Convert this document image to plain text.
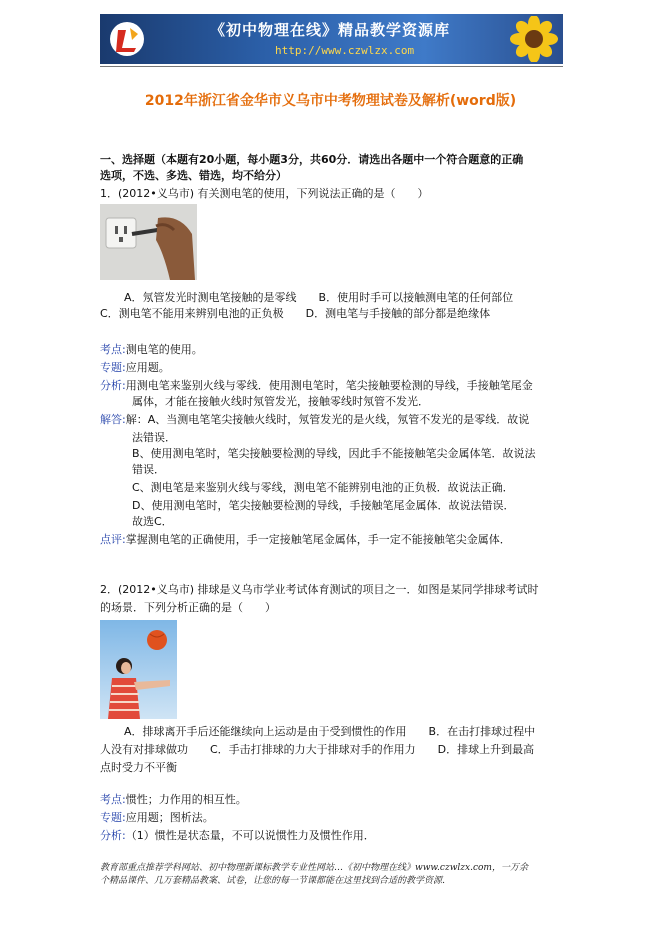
《初中物理在线》精品教学资源库
http://www.czwlzx.com
2012年浙江省金华市义乌市中考物理试卷及解析(word版)
一、选择题（本题有20小题，每小题3分，共60分．请选出各题中一个符合题意的正确
选项，不选、多选、错选，均不给分）
1．(2012•义乌市) 有关测电笔的使用，下列说法正确的是（　　）
A．氖管发光时测电笔接触的是零线　　B．使用时手可以接触测电笔的任何部位
C．测电笔不能用来辨别电池的正负极　　D．测电笔与手接触的部分都是绝缘体
考点:测电笔的使用。
专题:应用题。
分析:用测电笔来鉴别火线与零线．使用测电笔时，笔尖接触要检测的导线，手接触笔尾金
属体，才能在接触火线时氖管发光，接触零线时氖管不发光．
解答:解：A、当测电笔笔尖接触火线时，氖管发光的是火线，氖管不发光的是零线．故说
法错误．
B、使用测电笔时，笔尖接触要检测的导线，因此手不能接触笔尖金属体笔．故说法
错误．
C、测电笔是来鉴别火线与零线，测电笔不能辨别电池的正负极．故说法正确．
D、使用测电笔时，笔尖接触要检测的导线，手接触笔尾金属体．故说法错误．
故选C．
点评:掌握测电笔的正确使用，手一定接触笔尾金属体，手一定不能接触笔尖金属体．
2．(2012•义乌市) 排球是义乌市学业考试体育测试的项目之一．如图是某同学排球考试时
的场景．下列分析正确的是（　　）
A．排球离开手后还能继续向上运动是由于受到惯性的作用　　B．在击打排球过程中
人没有对排球做功　　C．手击打排球的力大于排球对手的作用力　　D．排球上升到最高
点时受力不平衡
考点:惯性；力作用的相互性。
专题:应用题；图析法。
分析:（1）惯性是状态量，不可以说惯性力及惯性作用．
教育部重点推荐学科网站、初中物理新课标教学专业性网站…《初中物理在线》www.czwlzx.com，一万余
个精品课件、几万套精品教案、试卷，让您的每一节课都能在这里找到合适的教学资源．
